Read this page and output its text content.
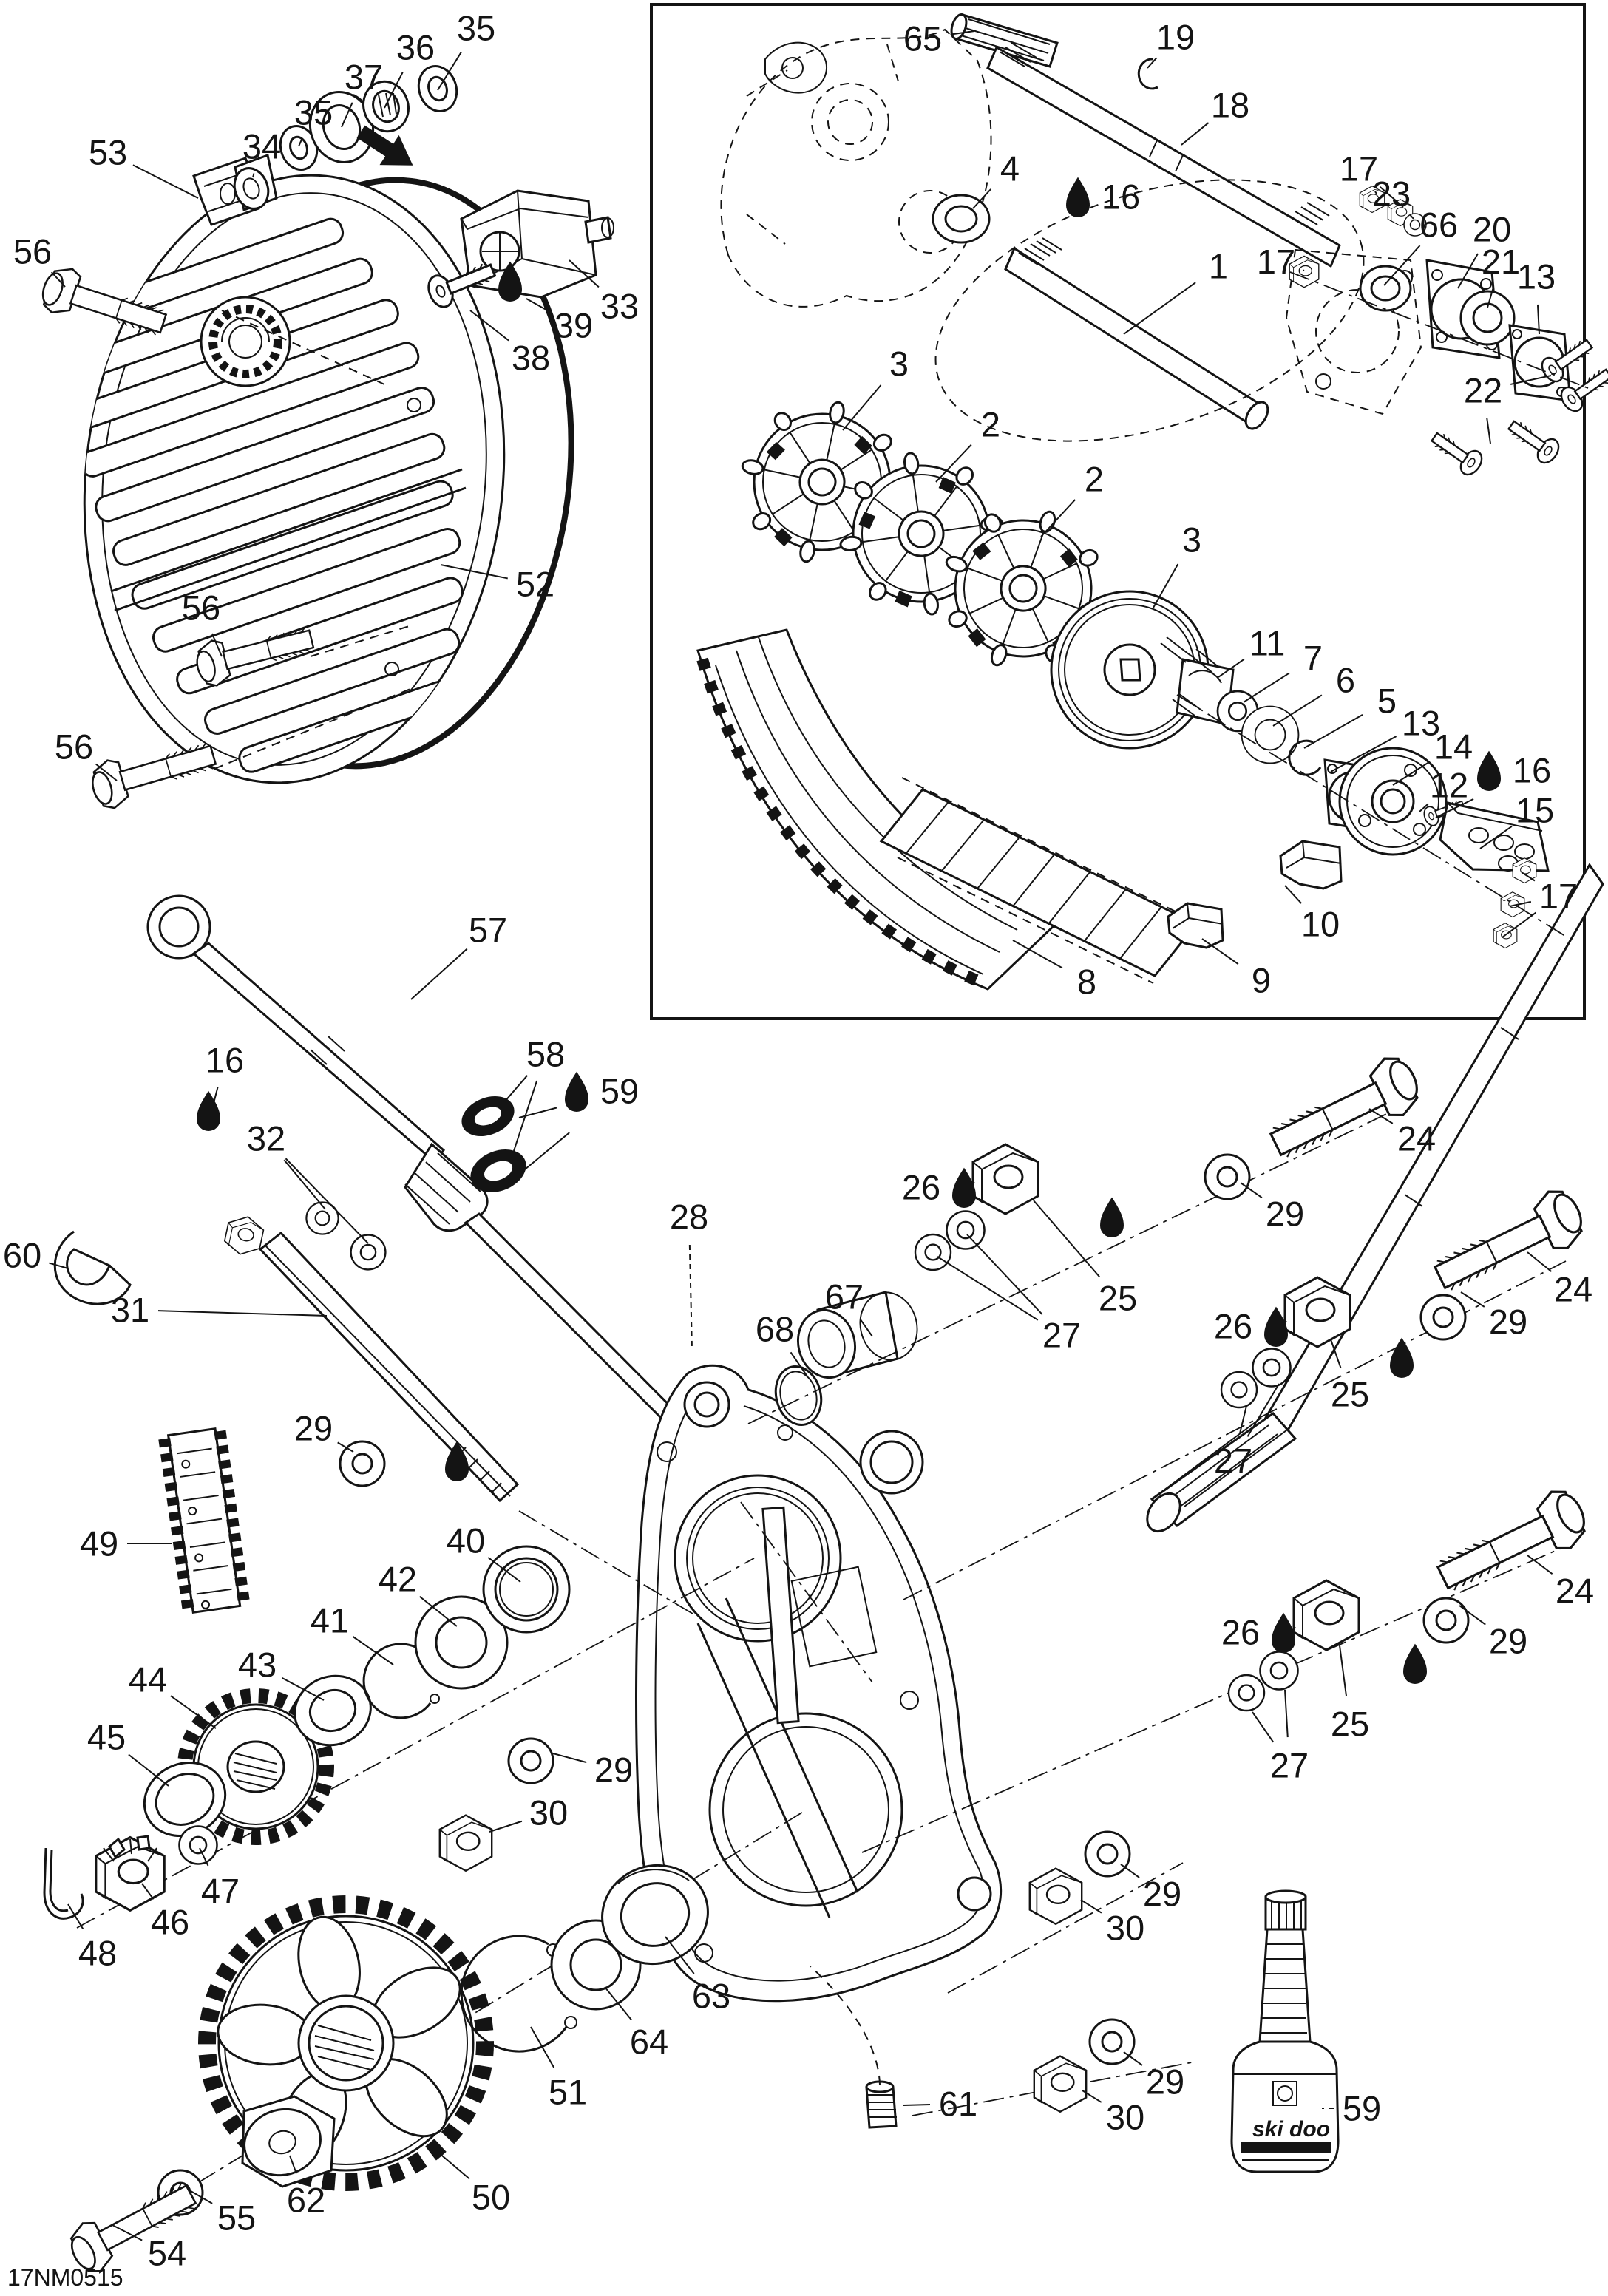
ski doo
17NM0515
35
36
37
35
34
53
56
33
39
38
52
56
56
65	19
18
4
16
17
23
66 20
21
13
17
1
22
3
2
2
3
11 7
6
5
13
14
12 16
15
17
10
9
8
57
58
59
16
32
60
31
29
28
67
68
61
63
64
51
24
29
26
25
27
24
29
26
25
27
26
25
27
24
29
29
30
29
30	59
49	40
42
41
43
44
45
47
46
48
29
30
50
62
55
54
